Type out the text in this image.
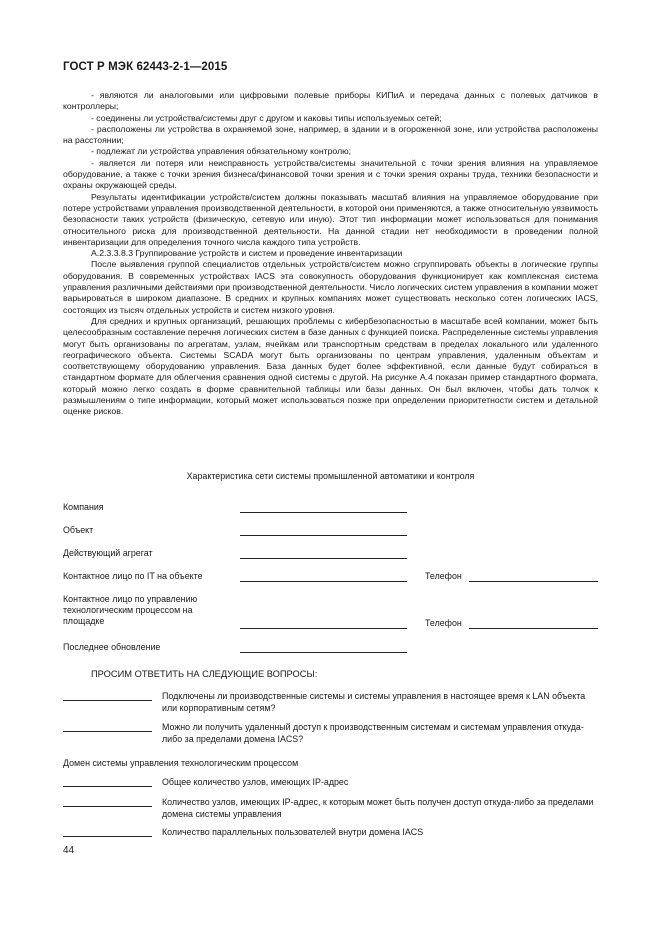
ГОСТ Р МЭК 62443-2-1—2015

- являются ли аналоговыми или цифровыми полевые приборы КИПиА и передача данных с полевых датчиков в контроллеры;

- соединены ли устройства/системы друг с другом и каковы типы используемых сетей;

- расположены ли устройства в охраняемой зоне, например, в здании и в огороженной зоне, или устройства расположены на расстоянии;

- подлежат ли устройства управления обязательному контролю;

- является ли потеря или неисправность устройства/системы значительной с точки зрения влияния на управляемое оборудование, а также с точки зрения бизнеса/финансовой точки зрения и с точки зрения охраны труда, техники безопасности и охраны окружающей среды.

Результаты идентификации устройств/систем должны показывать масштаб влияния на управляемое оборудование при потере устройствами управления производственной деятельности, в которой они применяются, а также относительную уязвимость безопасности таких устройств (физическую, сетевую или иную). Этот тип информации может использоваться для понимания относительного риска для производственной деятельности. На данной стадии нет необходимости в проведении полной инвентаризации для определения точного числа каждого типа устройств.

А.2.3.3.8.3 Группирование устройств и систем и проведение инвентаризации

После выявления группой специалистов отдельных устройств/систем можно сгруппировать объекты в логические группы оборудования. В современных устройствах IACS эта совокупность оборудования функционирует как комплексная система управления различными действиями при производственной деятельности. Число логических систем управления в компании может варьироваться в широком диапазоне. В средних и крупных компаниях может существовать несколько сотен логических IACS, состоящих из тысяч отдельных устройств и систем низкого уровня.

Для средних и крупных организаций, решающих проблемы с кибербезопасностью в масштабе всей компании, может быть целесообразным составление перечня логических систем в базе данных с функцией поиска. Распределенные системы управления могут быть организованы по агрегатам, узлам, ячейкам или транспортным средствам в пределах локального или удаленного географического объекта. Системы SCADA могут быть организованы по центрам управления, удаленным объектам и соответствующему оборудованию управления. База данных будет более эффективной, если данные будут собираться в стандартном формате для облегчения сравнения одной системы с другой. На рисунке А.4 показан пример стандартного формата, который можно легко создать в форме сравнительной таблицы или базы данных. Он был включен, чтобы дать толчок к размышлениям о типе информации, который может использоваться позже при определении приоритетности систем и детальной оценке рисков.

Характеристика сети системы промышленной автоматики и контроля
Компания
Объект
Действующий агрегат
Контактное лицо по IT на объекте	Телефон
Контактное лицо по управлению технологическим процессом на площадке	Телефон
Последнее обновление
ПРОСИМ ОТВЕТИТЬ НА СЛЕДУЮЩИЕ ВОПРОСЫ:
Подключены ли производственные системы и системы управления в настоящее время к LAN объекта или корпоративным сетям?
Можно ли получить удаленный доступ к производственным системам и системам управления откуда-либо за пределами домена IACS?
Домен системы управления технологическим процессом
Общее количество узлов, имеющих IP-адрес
Количество узлов, имеющих IP-адрес, к которым может быть получен доступ откуда-либо за пределами домена системы управления
Количество параллельных пользователей внутри домена IACS
44
